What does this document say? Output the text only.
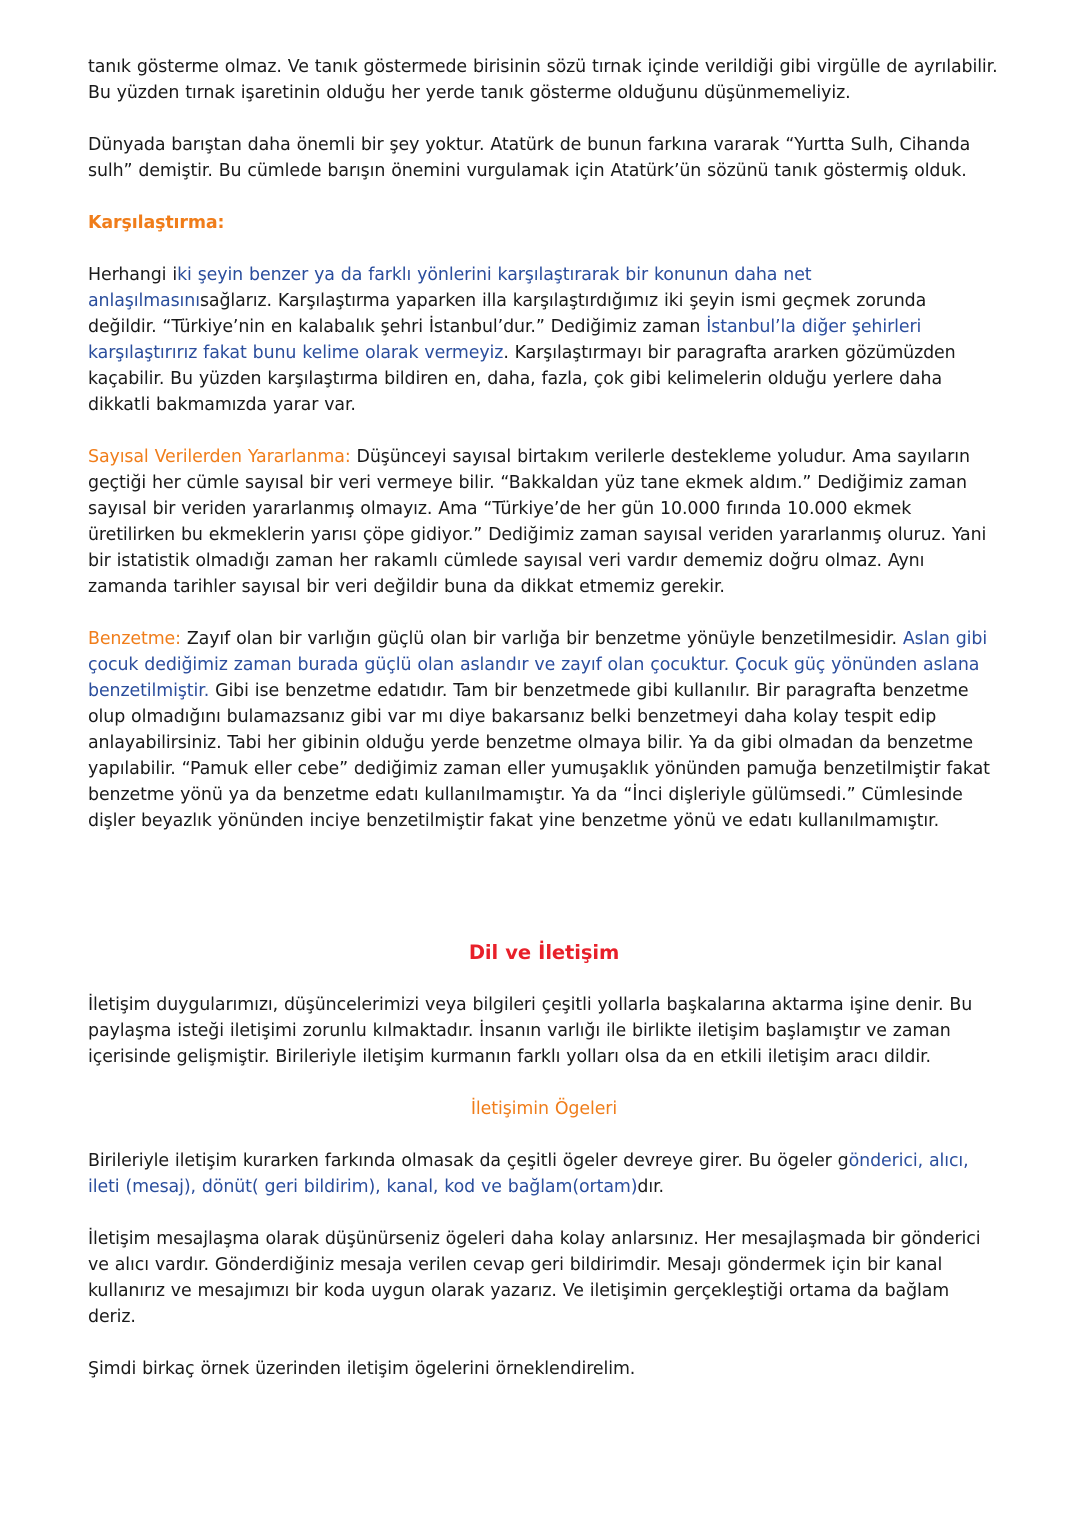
tanık gösterme olmaz. Ve tanık göstermede birisinin sözü tırnak içinde verildiği gibi virgülle de ayrılabilir. Bu yüzden tırnak işaretinin olduğu her yerde tanık gösterme olduğunu düşünmemeliyiz.

Dünyada barıştan daha önemli bir şey yoktur. Atatürk de bunun farkına vararak “Yurtta Sulh, Cihanda sulh” demiştir. Bu cümlede barışın önemini vurgulamak için Atatürk’ün sözünü tanık göstermiş olduk.

Karşılaştırma:

Herhangi iki şeyin benzer ya da farklı yönlerini karşılaştırarak bir konunun daha net anlaşılmasınısağlarız. Karşılaştırma yaparken illa karşılaştırdığımız iki şeyin ismi geçmek zorunda değildir. “Türkiye’nin en kalabalık şehri İstanbul’dur.” Dediğimiz zaman İstanbul’la diğer şehirleri karşılaştırırız fakat bunu kelime olarak vermeyiz. Karşılaştırmayı bir paragrafta ararken gözümüzden kaçabilir. Bu yüzden karşılaştırma bildiren en, daha, fazla, çok gibi kelimelerin olduğu yerlere daha dikkatli bakmamızda yarar var.

Sayısal Verilerden Yararlanma: Düşünceyi sayısal birtakım verilerle destekleme yoludur. Ama sayıların geçtiği her cümle sayısal bir veri vermeye bilir. “Bakkaldan yüz tane ekmek aldım.” Dediğimiz zaman sayısal bir veriden yararlanmış olmayız. Ama “Türkiye’de her gün 10.000 fırında 10.000 ekmek üretilirken bu ekmeklerin yarısı çöpe gidiyor.” Dediğimiz zaman sayısal veriden yararlanmış oluruz. Yani bir istatistik olmadığı zaman her rakamlı cümlede sayısal veri vardır dememiz doğru olmaz. Aynı zamanda tarihler sayısal bir veri değildir buna da dikkat etmemiz gerekir.

Benzetme: Zayıf olan bir varlığın güçlü olan bir varlığa bir benzetme yönüyle benzetilmesidir. Aslan gibi çocuk dediğimiz zaman burada güçlü olan aslandır ve zayıf olan çocuktur. Çocuk güç yönünden aslana benzetilmiştir. Gibi ise benzetme edatıdır. Tam bir benzetmede gibi kullanılır. Bir paragrafta benzetme olup olmadığını bulamazsanız gibi var mı diye bakarsanız belki benzetmeyi daha kolay tespit edip anlayabilirsiniz. Tabi her gibinin olduğu yerde benzetme olmaya bilir. Ya da gibi olmadan da benzetme yapılabilir. “Pamuk eller cebe” dediğimiz zaman eller yumuşaklık yönünden pamuğa benzetilmiştir fakat benzetme yönü ya da benzetme edatı kullanılmamıştır. Ya da “İnci dişleriyle gülümsedi.” Cümlesinde dişler beyazlık yönünden inciye benzetilmiştir fakat yine benzetme yönü ve edatı kullanılmamıştır.

Dil ve İletişim

İletişim duygularımızı, düşüncelerimizi veya bilgileri çeşitli yollarla başkalarına aktarma işine denir. Bu paylaşma isteği iletişimi zorunlu kılmaktadır. İnsanın varlığı ile birlikte iletişim başlamıştır ve zaman içerisinde gelişmiştir. Birileriyle iletişim kurmanın farklı yolları olsa da en etkili iletişim aracı dildir.

İletişimin Ögeleri

Birileriyle iletişim kurarken farkında olmasak da çeşitli ögeler devreye girer. Bu ögeler gönderici, alıcı, ileti (mesaj), dönüt( geri bildirim), kanal, kod ve bağlam(ortam)dır.

İletişim mesajlaşma olarak düşünürseniz ögeleri daha kolay anlarsınız. Her mesajlaşmada bir gönderici ve alıcı vardır. Gönderdiğiniz mesaja verilen cevap geri bildirimdir. Mesajı göndermek için bir kanal kullanırız ve mesajımızı bir koda uygun olarak yazarız. Ve iletişimin gerçekleştiği ortama da bağlam deriz.

Şimdi birkaç örnek üzerinden iletişim ögelerini örneklendirelim.
